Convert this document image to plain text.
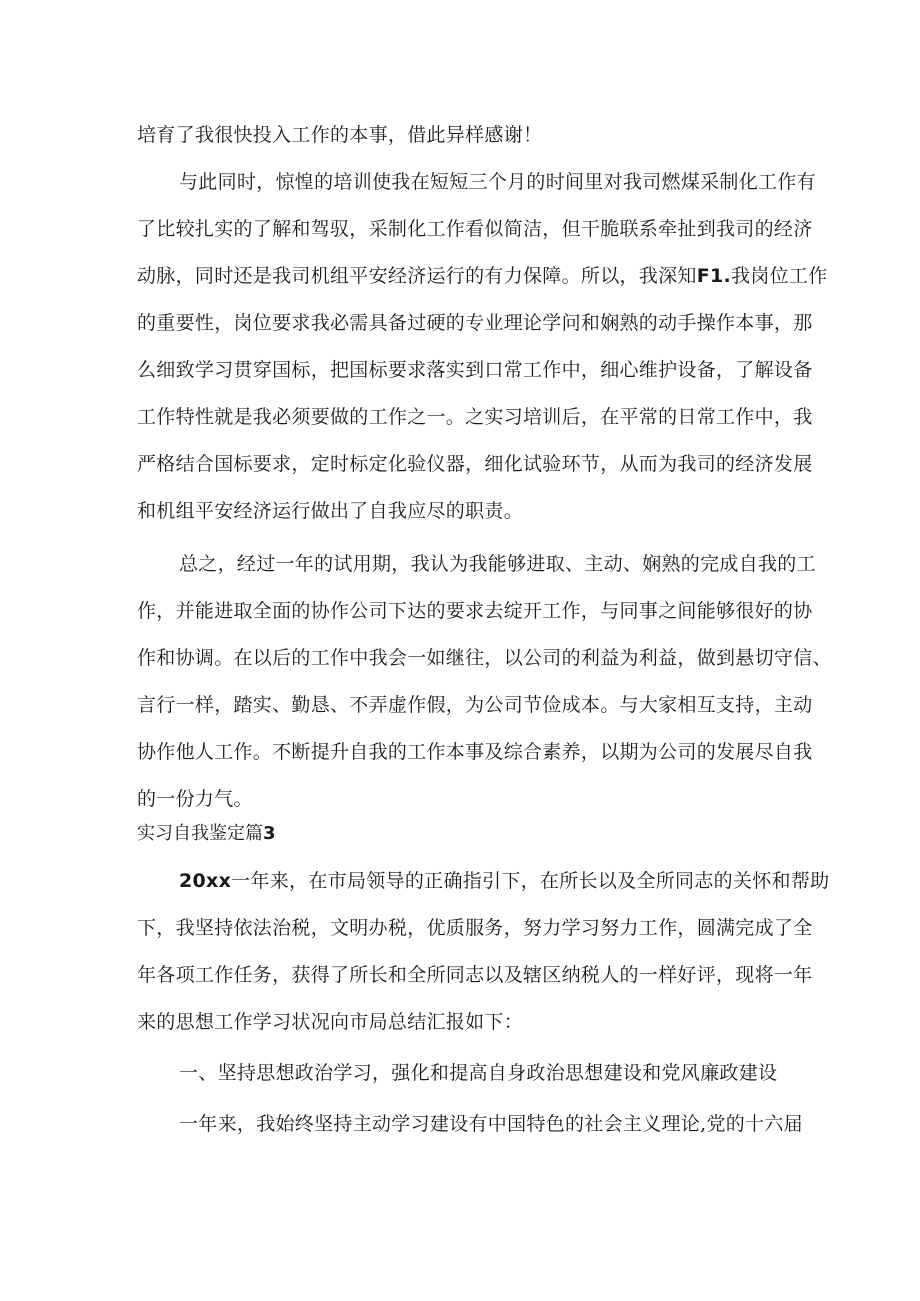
培育了我很快投入工作的本事，借此异样感谢！
与此同时，惊惶的培训使我在短短三个月的时间里对我司燃煤采制化工作有
了比较扎实的了解和驾驭，采制化工作看似简洁，但干脆联系牵扯到我司的经济
动脉，同时还是我司机组平安经济运行的有力保障。所以，我深知F1.我岗位工作
的重要性，岗位要求我必需具备过硬的专业理论学问和娴熟的动手操作本事，那
么细致学习贯穿国标，把国标要求落实到口常工作中，细心维护设备，了解设备
工作特性就是我必须要做的工作之一。之实习培训后，在平常的日常工作中，我
严格结合国标要求，定时标定化验仪器，细化试验环节，从而为我司的经济发展
和机组平安经济运行做出了自我应尽的职责。
总之，经过一年的试用期，我认为我能够进取、主动、娴熟的完成自我的工
作，并能进取全面的协作公司下达的要求去绽开工作，与同事之间能够很好的协
作和协调。在以后的工作中我会一如继往，以公司的利益为利益，做到悬切守信、
言行一样，踏实、勤恳、不弄虚作假，为公司节俭成本。与大家相互支持，主动
协作他人工作。不断提升自我的工作本事及综合素养，以期为公司的发展尽自我
的一份力气。
实习自我鉴定篇3
20xx一年来，在市局领导的正确指引下，在所长以及全所同志的关怀和帮助
下，我坚持依法治税，文明办税，优质服务，努力学习努力工作，圆满完成了全
年各项工作任务，获得了所长和全所同志以及辖区纳税人的一样好评，现将一年
来的思想工作学习状况向市局总结汇报如下：
一、坚持思想政治学习，强化和提高自身政治思想建设和党风廉政建设
一年来，我始终坚持主动学习建设有中国特色的社会主义理论,党的十六届
